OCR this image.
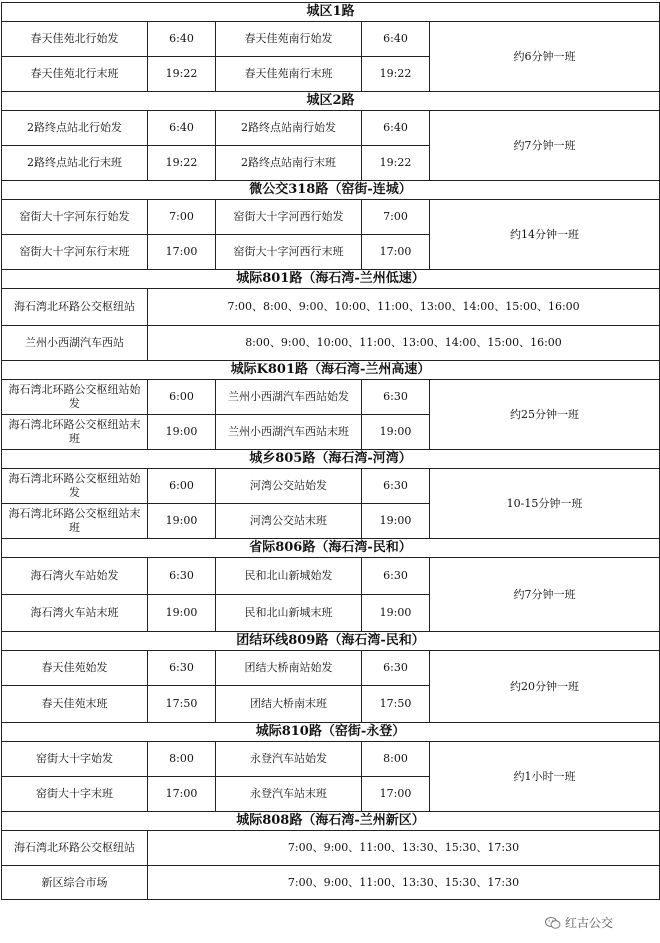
城区1路				
春天佳苑北行始发	6:40	春天佳苑南行始发	6:40	约6分钟一班
春天佳苑北行末班	19:22	春天佳苑南行末班	19:22	
城区2路				
2路终点站北行始发	6:40	2路终点站南行始发	6:40	约7分钟一班
2路终点站北行末班	19:22	2路终点站南行末班	19:22	
微公交318路（窑街-连城）				
窑街大十字河东行始发	7:00	窑街大十字河西行始发	7:00	约14分钟一班
窑街大十字河东行末班	17:00	窑街大十字河西行末班	17:00	
城际801路（海石湾-兰州低速）				
海石湾北环路公交枢纽站	7:00、8:00、9:00、10:00、11:00、13:00、14:00、15:00、16:00			
兰州小西湖汽车西站	8:00、9:00、10:00、11:00、13:00、14:00、15:00、16:00			
城际K801路（海石湾-兰州高速）				
海石湾北环路公交枢纽站始发	6:00	兰州小西湖汽车西站始发	6:30	约25分钟一班
海石湾北环路公交枢纽站末班	19:00	兰州小西湖汽车西站末班	19:00	
城乡805路（海石湾-河湾）				
海石湾北环路公交枢纽站始发	6:00	河湾公交站始发	6:30	10-15分钟一班
海石湾北环路公交枢纽站末班	19:00	河湾公交站末班	19:00	
省际806路（海石湾-民和）				
海石湾火车站始发	6:30	民和北山新城始发	6:30	约7分钟一班
海石湾火车站末班	19:00	民和北山新城末班	19:00	
团结环线809路（海石湾-民和）				
春天佳苑始发	6:30	团结大桥南站始发	6:30	约20分钟一班
春天佳苑末班	17:50	团结大桥南末班	17:50	
城际810路（窑街-永登）				
窑街大十字始发	8:00	永登汽车站始发	8:00	约1小时一班
窑街大十字末班	17:00	永登汽车站末班	17:00	
城际808路（海石湾-兰州新区）				
海石湾北环路公交枢纽站	7:00、9:00、11:00、13:30、15:30、17:30			
新区综合市场	7:00、9:00、11:00、13:30、15:30、17:30			
红古公交
